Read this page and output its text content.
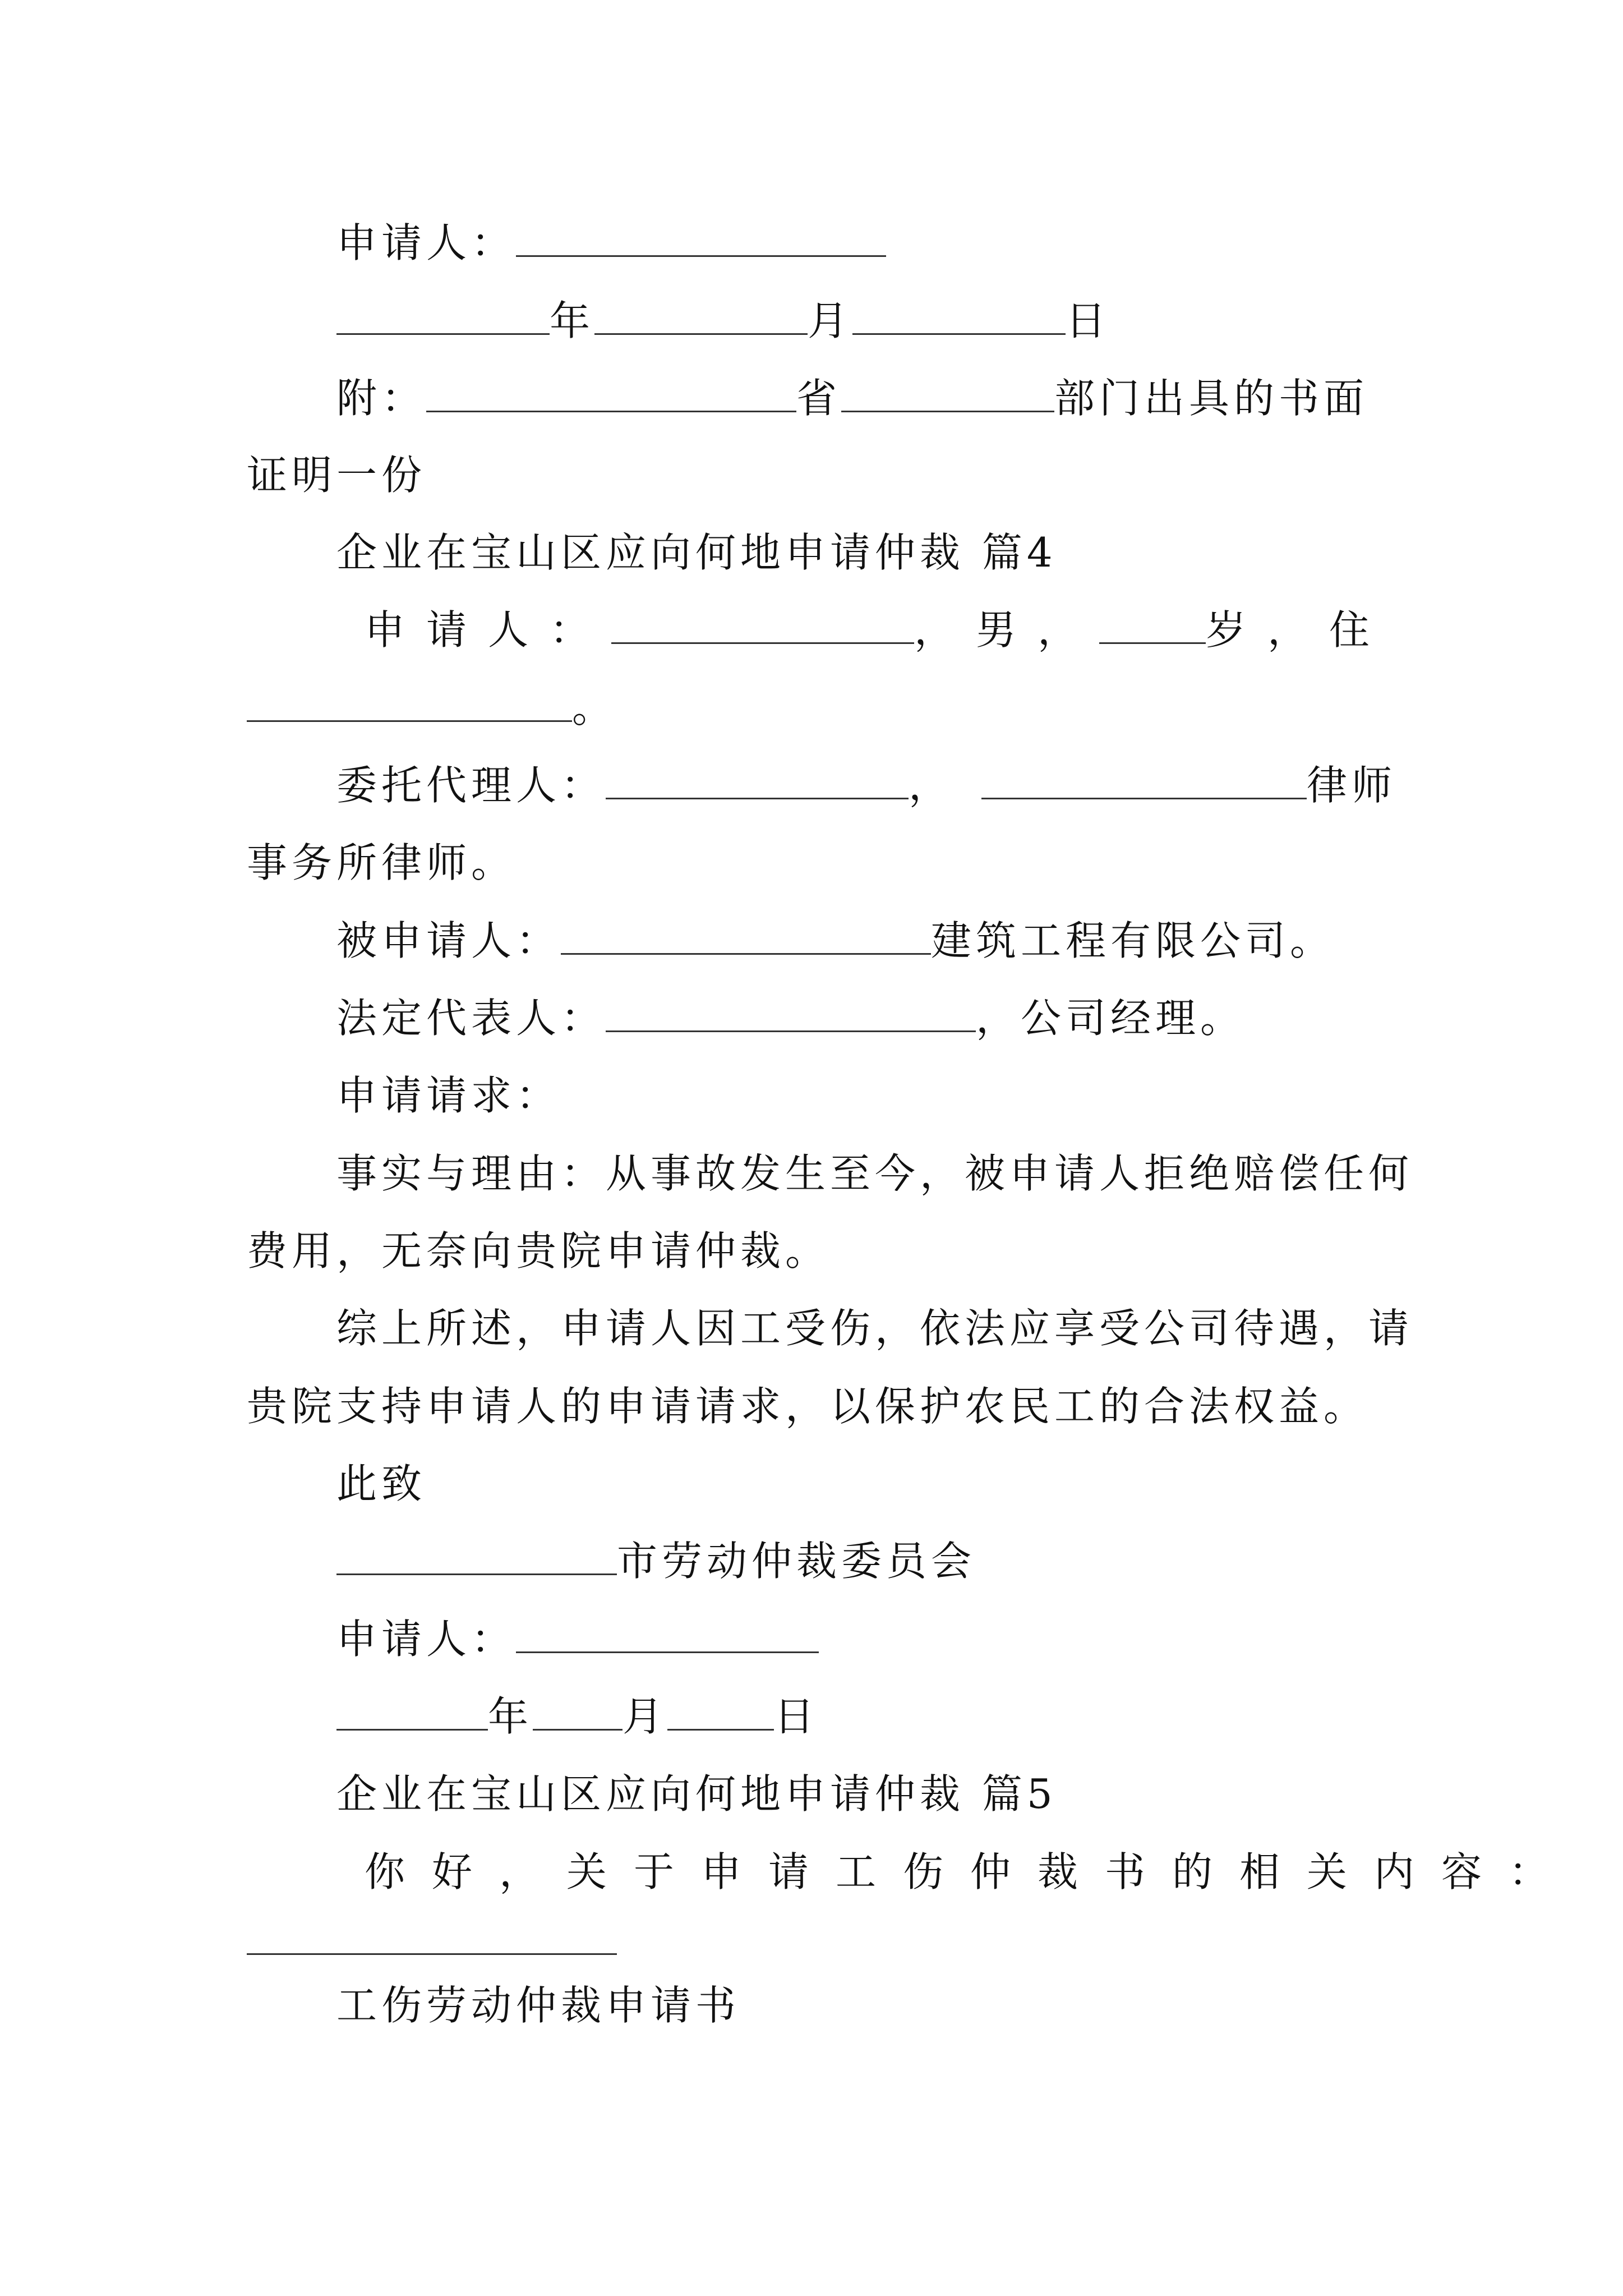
申请人：
年	月	日
附：	省	部门出具的书面
证明一份
企业在宝山区应向何地申请仲裁 篇4
申请人：	，男，	岁，住
。
委托代理人：	，	律师
事务所律师。
被申请人：	建筑工程有限公司。
法定代表人：	，公司经理。
申请请求：
事实与理由：从事故发生至今，被申请人拒绝赔偿任何
费用，无奈向贵院申请仲裁。
综上所述，申请人因工受伤，依法应享受公司待遇，请
贵院支持申请人的申请请求，以保护农民工的合法权益。
此致
市劳动仲裁委员会
申请人：
年 月	日
企业在宝山区应向何地申请仲裁 篇5
你好，关于申请工伤仲裁书的相关内容：
工伤劳动仲裁申请书
